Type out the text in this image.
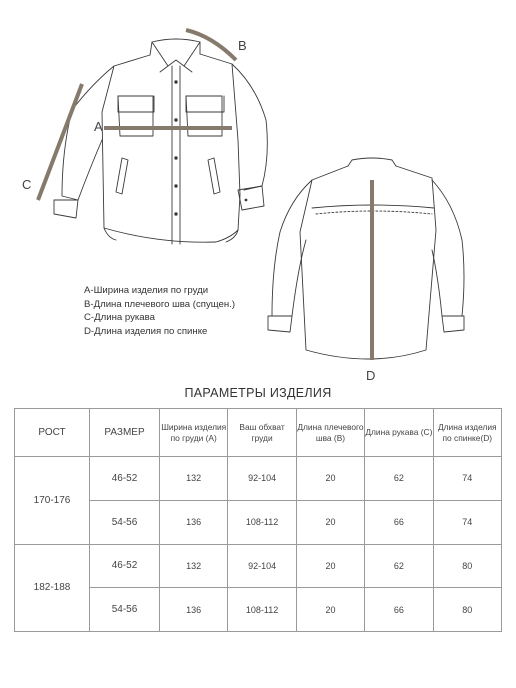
A
B
C
D
A-Ширина изделия по груди
B-Длина плечевого шва (спущен.)
C-Длина рукава
D-Длина изделия по спинке
ПАРАМЕТРЫ ИЗДЕЛИЯ
РОСТ	РАЗМЕР	Ширина изделия по груди (A)	Ваш обхват груди	Длина плечевого шва (B)	Длина рукава (С)	Длина изделия по спинке(D)
170-176	46-52	132	92-104	20	62	74
	54-56	136	108-112	20	66	74
182-188	46-52	132	92-104	20	62	80
	54-56	136	108-112	20	66	80
